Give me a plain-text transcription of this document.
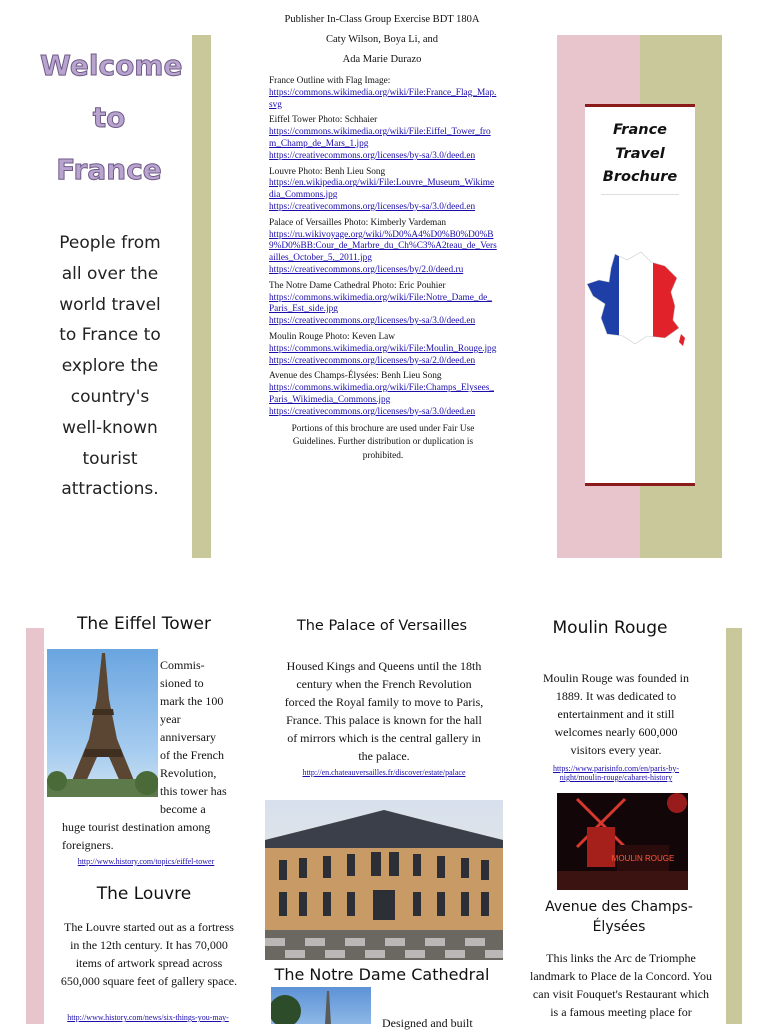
Welcome
to
France
People from all over the world travel to France to explore the country's well-known tourist attractions.
Publisher In-Class Group Exercise BDT 180A
Caty Wilson, Boya Li, and
Ada Marie Durazo
France Outline with Flag Image:
https://commons.wikimedia.org/wiki/File:France_Flag_Map.svg
Eiffel Tower Photo: Schhaier
https://commons.wikimedia.org/wiki/File:Eiffel_Tower_from_Champ_de_Mars_1.jpg
https://creativecommons.org/licenses/by-sa/3.0/deed.en
Louvre Photo: Benh Lieu Song
https://en.wikipedia.org/wiki/File:Louvre_Museum_Wikimedia_Commons.jpg
https://creativecommons.org/licenses/by-sa/3.0/deed.en
Palace of Versailles Photo: Kimberly Vardeman
https://ru.wikivoyage.org/wiki/%D0%A4%D0%B0%D0%B9%D0%BB:Cour_de_Marbre_du_Ch%C3%A2teau_de_Versailles_October_5,_2011.jpg
https://creativecommons.org/licenses/by/2.0/deed.ru
The Notre Dame Cathedral Photo: Eric Pouhier
https://commons.wikimedia.org/wiki/File:Notre_Dame_de_Paris_Est_side.jpg
https://creativecommons.org/licenses/by-sa/3.0/deed.en
Moulin Rouge Photo: Keven Law
https://commons.wikimedia.org/wiki/File:Moulin_Rouge.jpg
https://creativecommons.org/licenses/by-sa/2.0/deed.en
Avenue des Champs-Élysées: Benh Lieu Song
https://commons.wikimedia.org/wiki/File:Champs_Elysees_Paris_Wikimedia_Commons.jpg
https://creativecommons.org/licenses/by-sa/3.0/deed.en
Portions of this brochure are used under Fair Use Guidelines. Further distribution or duplication is prohibited.
France
Travel
Brochure
The Eiffel Tower
Commis-
sioned to
mark the 100
year
anniversary
of the French
Revolution,
this tower has
become a
huge tourist destination among foreigners.
http://www.history.com/topics/eiffel-tower
The Louvre
The Louvre started out as a fortress in the 12th century. It has 70,000 items of artwork spread across 650,000 square feet of gallery space.
http://www.history.com/news/six-things-you-may-
The Palace of Versailles
Housed Kings and Queens until the 18th century when the French Revolution forced the Royal family to move to Paris, France. This palace is known for the hall of mirrors which is the central gallery in the palace.
http://en.chateauversailles.fr/discover/estate/palace
The Notre Dame Cathedral
Designed and built
Moulin Rouge
Moulin Rouge was founded in 1889. It was dedicated to entertainment and it still welcomes nearly 600,000 visitors every year.
https://www.parisinfo.com/en/paris-by-night/moulin-rouge/cabaret-history
MOULIN ROUGE
Avenue des Champs-Élysées
This links the Arc de Triomphe landmark to Place de la Concord. You can visit Fouquet's Restaurant which is a famous meeting place for
